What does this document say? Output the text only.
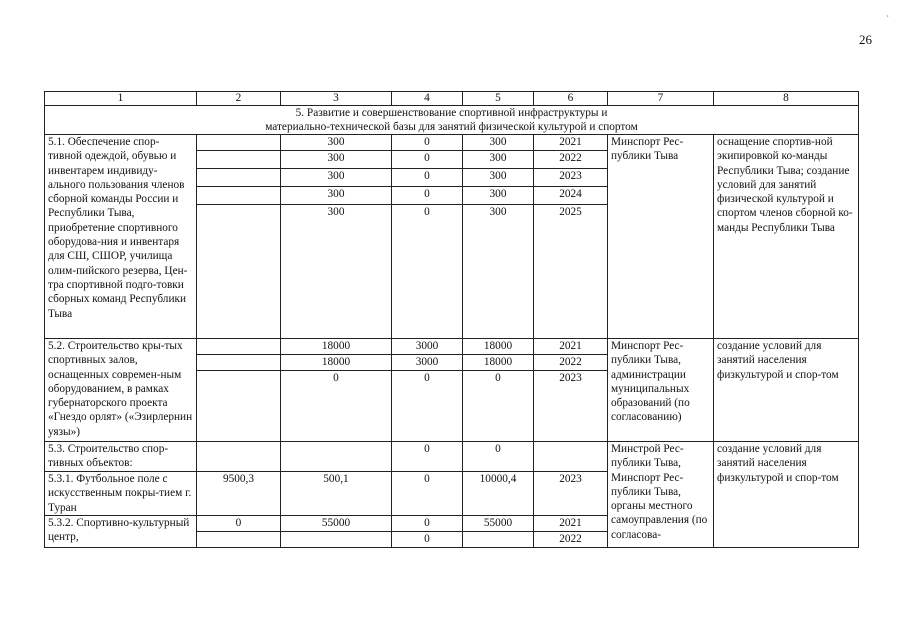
`
26
1	2	3	4	5	6	7	8

5. Развитие и совершенствование спортивной инфраструктуры и
материально-технической базы для занятий физической культурой и спортом							

5.1. Обеспечение спор-тивной одеждой, обувью и инвентарем индивиду-ального пользования членов сборной команды России и Республики Тыва, приобретение спортивного оборудова-ния и инвентаря для СШ, СШОР, училища олим-пийского резерва, Цен-тра спортивной подго-товки сборных команд Республики Тыва		300	0	300	2021	Минспорт Рес-публики Тыва	оснащение спортив-ной экипировкой ко-манды Республики Тыва; создание условий для занятий физической культурой и спортом членов сборной ко-манды Республики Тыва
		300	0	300	2022		
		300	0	300	2023		
		300	0	300	2024		
		300	0	300	2025		
5.2. Строительство кры-тых спортивных залов, оснащенных современ-ным оборудованием, в рамках губернаторского проекта «Гнездо орлят» («Эзирлернин уязы»)		18000	3000	18000	2021	Минспорт Рес-публики Тыва, администрации муниципальных образований (по согласованию)	создание условий для занятий населения физкультурой и спор-том
		18000	3000	18000	2022		
		0	0	0	2023		
5.3. Строительство спор-тивных объектов:			0	0		Минстрой Рес-публики Тыва, Минспорт Рес-публики Тыва, органы местного самоуправления (по согласова-	создание условий для занятий населения физкультурой и спор-том
5.3.1. Футбольное поле с искусственным покры-тием г. Туран	9500,3	500,1	0	10000,4	2023		
5.3.2. Спортивно-культурный центр,	0	55000	0	55000	2021		
			0		2022		
